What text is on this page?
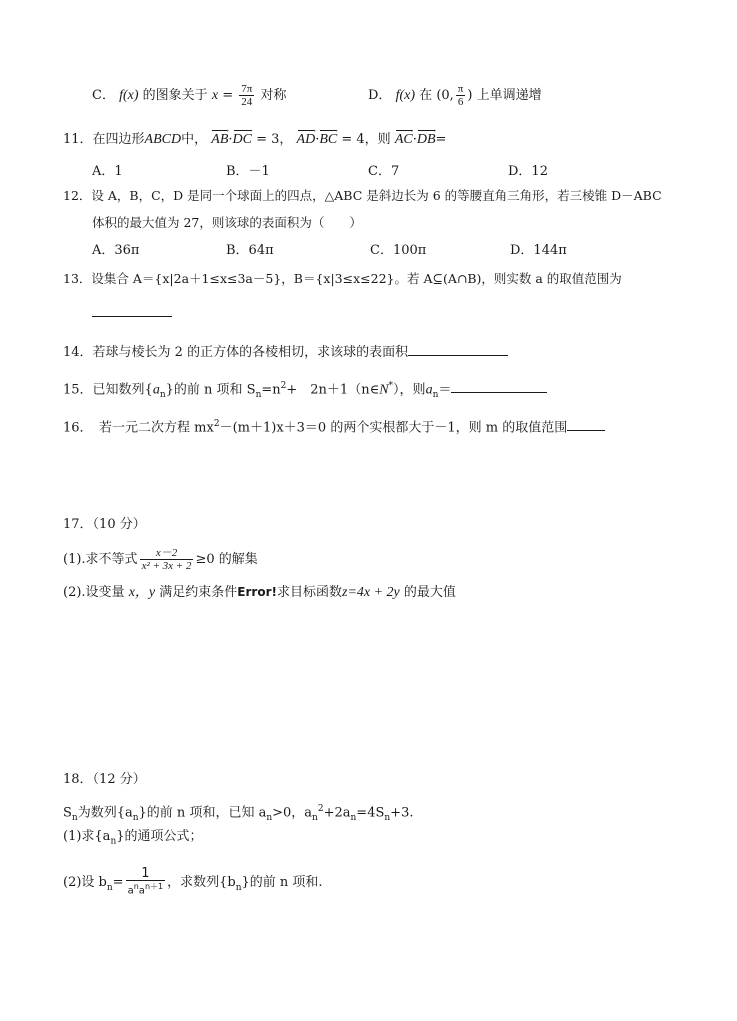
C． f(x) 的图象关于 $x = \frac{7\pi}{24}$ 对称	D． f(x) 在 (0, $\frac{\pi}{6}$ ) 上单调递增
11．在四边形ABCD中， AB →·DC → = 3， AD →·BC → = 4，则 AC →·DB →=
A．1	B．－1	C．7	D．12
12．设 A，B，C，D 是同一个球面上的四点，△ABC 是斜边长为 6 的等腰直角三角形，若三棱锥 D－ABC
体积的最大值为 27，则该球的表面积为（　　）
A．36π	B．64π	C．100π	D．144π
13．设集合 A＝{x|2a＋1≤x≤3a－5}，B＝{x|3≤x≤22}。若 A⊆(A∩B)，则实数 a 的取值范围为
14．若球与棱长为 2 的正方体的各棱相切，求该球的表面积
15．已知数列$\{a_n\}$的前 n 项和 $S_n=n^2+$　2n＋1（n∈N*），则$a_n=$
16．　若一元二次方程 $mx^2-(m+1)x+3=0$ 的两个实根都大于－1，则 m 的取值范围
17．（10 分）
(1).求不等式 $\frac{x-2}{\text{x² + 3x + 2}} \ge 0$ 的解集
(2).设变量 x，y 满足约束条件Error!求目标函数z=4x + 2y 的最大值
18．（12 分）
$S_n$为数列$\{a_n\}$的前 n 项和，已知 $a_n>0$，$a_n^2+2a_n=4S_n+3$.
(1)求$\{a_n\}$的通项公式；
(2)设 $b_n= \frac{1}{a^na^{n+1}}$ ，求数列$\{b_n\}$的前 n 项和.
